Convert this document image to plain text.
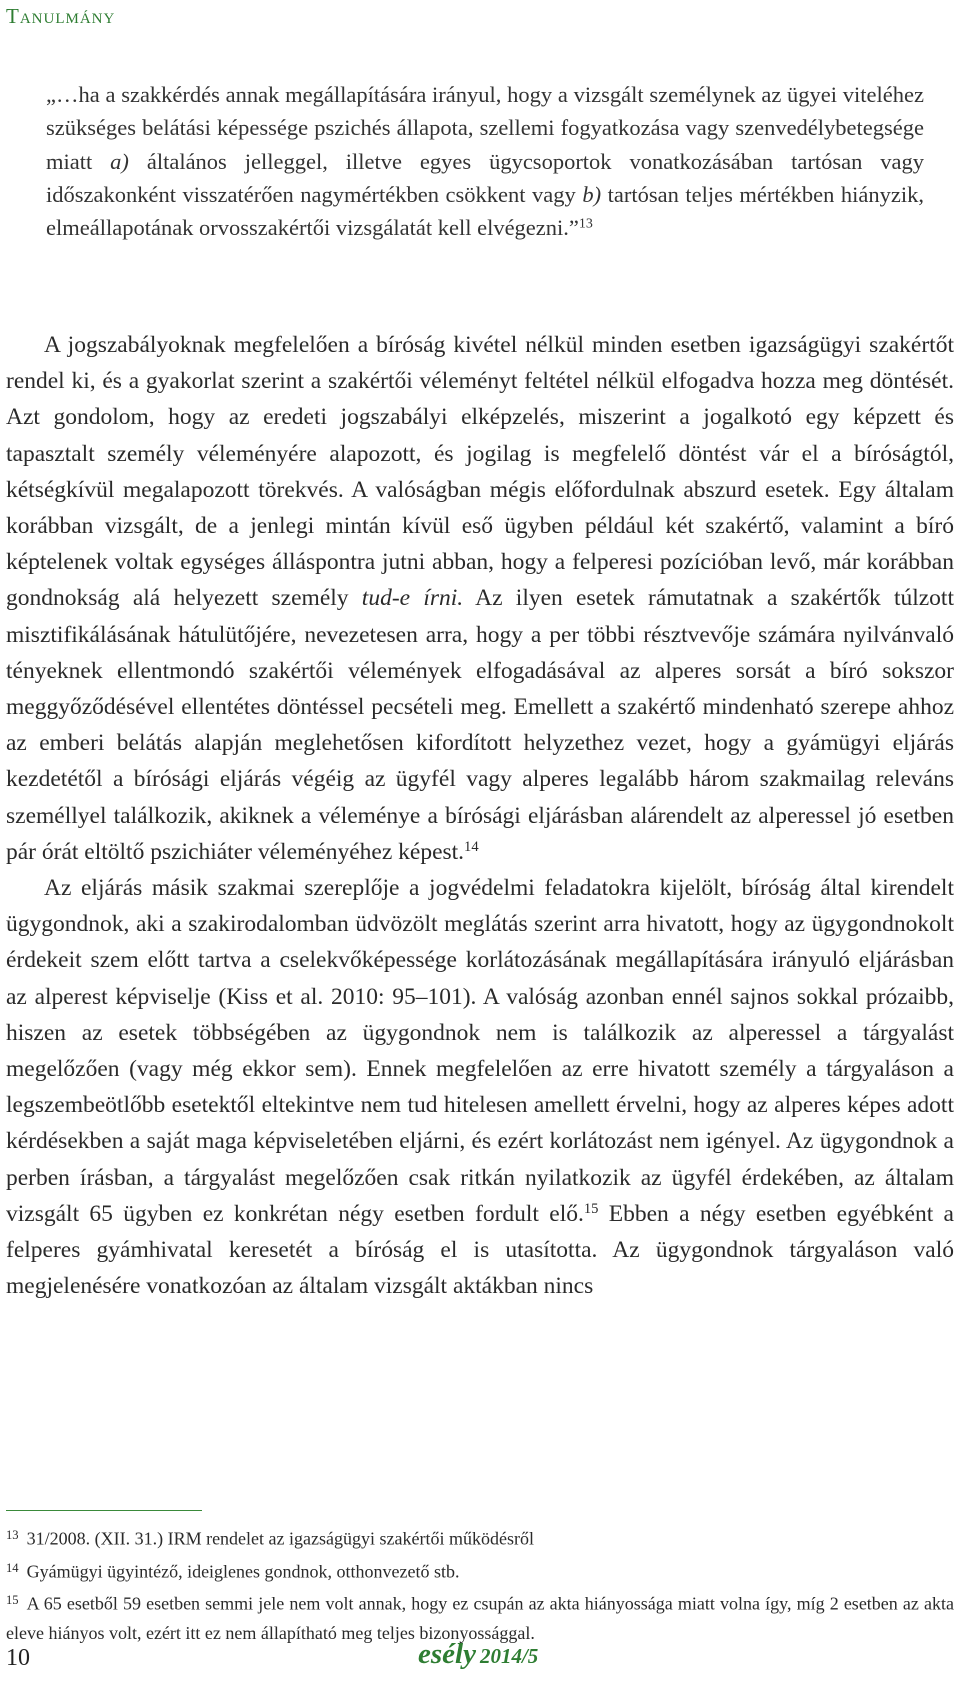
Tanulmány
„…ha a szakkérdés annak megállapítására irányul, hogy a vizsgált személynek az ügyei viteléhez szükséges belátási képessége pszichés állapota, szellemi fogyatkozása vagy szenvedélybetegsége miatt a) általános jelleggel, illetve egyes ügycsoportok vonatkozásában tartósan vagy időszakonként visszatérően nagymértékben csökkent vagy b) tartósan teljes mértékben hiányzik, elmeállapotának orvosszakértői vizsgálatát kell elvégezni.”$^{13}$

A jogszabályoknak megfelelően a bíróság kivétel nélkül minden esetben igazságügyi szakértőt rendel ki, és a gyakorlat szerint a szakértői véleményt feltétel nélkül elfogadva hozza meg döntését. Azt gondolom, hogy az eredeti jogszabályi elképzelés, miszerint a jogalkotó egy képzett és tapasztalt személy véleményére alapozott, és jogilag is megfelelő döntést vár el a bíróságtól, kétségkívül megalapozott törekvés. A valóságban mégis előfordulnak abszurd esetek. Egy általam korábban vizsgált, de a jenlegi mintán kívül eső ügyben például két szakértő, valamint a bíró képtelenek voltak egységes álláspontra jutni abban, hogy a felperesi pozícióban levő, már korábban gondnokság alá helyezett személy tud-e írni. Az ilyen esetek rámutatnak a szakértők túlzott misztifikálásának hátulütőjére, nevezetesen arra, hogy a per többi résztvevője számára nyilvánvaló tényeknek ellentmondó szakértői vélemények elfogadásával az alperes sorsát a bíró sokszor meggyőződésével ellentétes döntéssel pecsételi meg. Emellett a szakértő mindenható szerepe ahhoz az emberi belátás alapján meglehetősen kifordított helyzethez vezet, hogy a gyámügyi eljárás kezdetétől a bírósági eljárás végéig az ügyfél vagy alperes legalább három szakmailag releváns személlyel találkozik, akiknek a véleménye a bírósági eljárásban alárendelt az alperessel jó esetben pár órát eltöltő pszichiáter véleményéhez képest.$^{14}$

Az eljárás másik szakmai szereplője a jogvédelmi feladatokra kijelölt, bíróság által kirendelt ügygondnok, aki a szakirodalomban üdvözölt meglátás szerint arra hivatott, hogy az ügygondnokolt érdekeit szem előtt tartva a cselekvőképessége korlátozásának megállapítására irányuló eljárásban az alperest képviselje (Kiss et al. 2010: 95–101). A valóság azonban ennél sajnos sokkal prózaibb, hiszen az esetek többségében az ügygondnok nem is találkozik az alperessel a tárgyalást megelőzően (vagy még ekkor sem). Ennek megfelelően az erre hivatott személy a tárgyaláson a legszembeötlőbb esetektől eltekintve nem tud hitelesen amellett érvelni, hogy az alperes képes adott kérdésekben a saját maga képviseletében eljárni, és ezért korlátozást nem igényel. Az ügygondnok a perben írásban, a tárgyalást megelőzően csak ritkán nyilatkozik az ügyfél érdekében, az általam vizsgált 65 ügyben ez konkrétan négy esetben fordult elő.$^{15}$ Ebben a négy esetben egyébként a felperes gyámhivatal keresetét a bíróság el is utasította. Az ügygondnok tárgyaláson való megjelenésére vonatkozóan az általam vizsgált aktákban nincs

$^{13}$ 31/2008. (XII. 31.) IRM rendelet az igazságügyi szakértői működésről

$^{14}$ Gyámügyi ügyintéző, ideiglenes gondnok, otthonvezető stb.

$^{15}$ A 65 esetből 59 esetben semmi jele nem volt annak, hogy ez csupán az akta hiányossága miatt volna így, míg 2 esetben az akta eleve hiányos volt, ezért itt ez nem állapítható meg teljes bizonyossággal.

10	esély 2014/5
